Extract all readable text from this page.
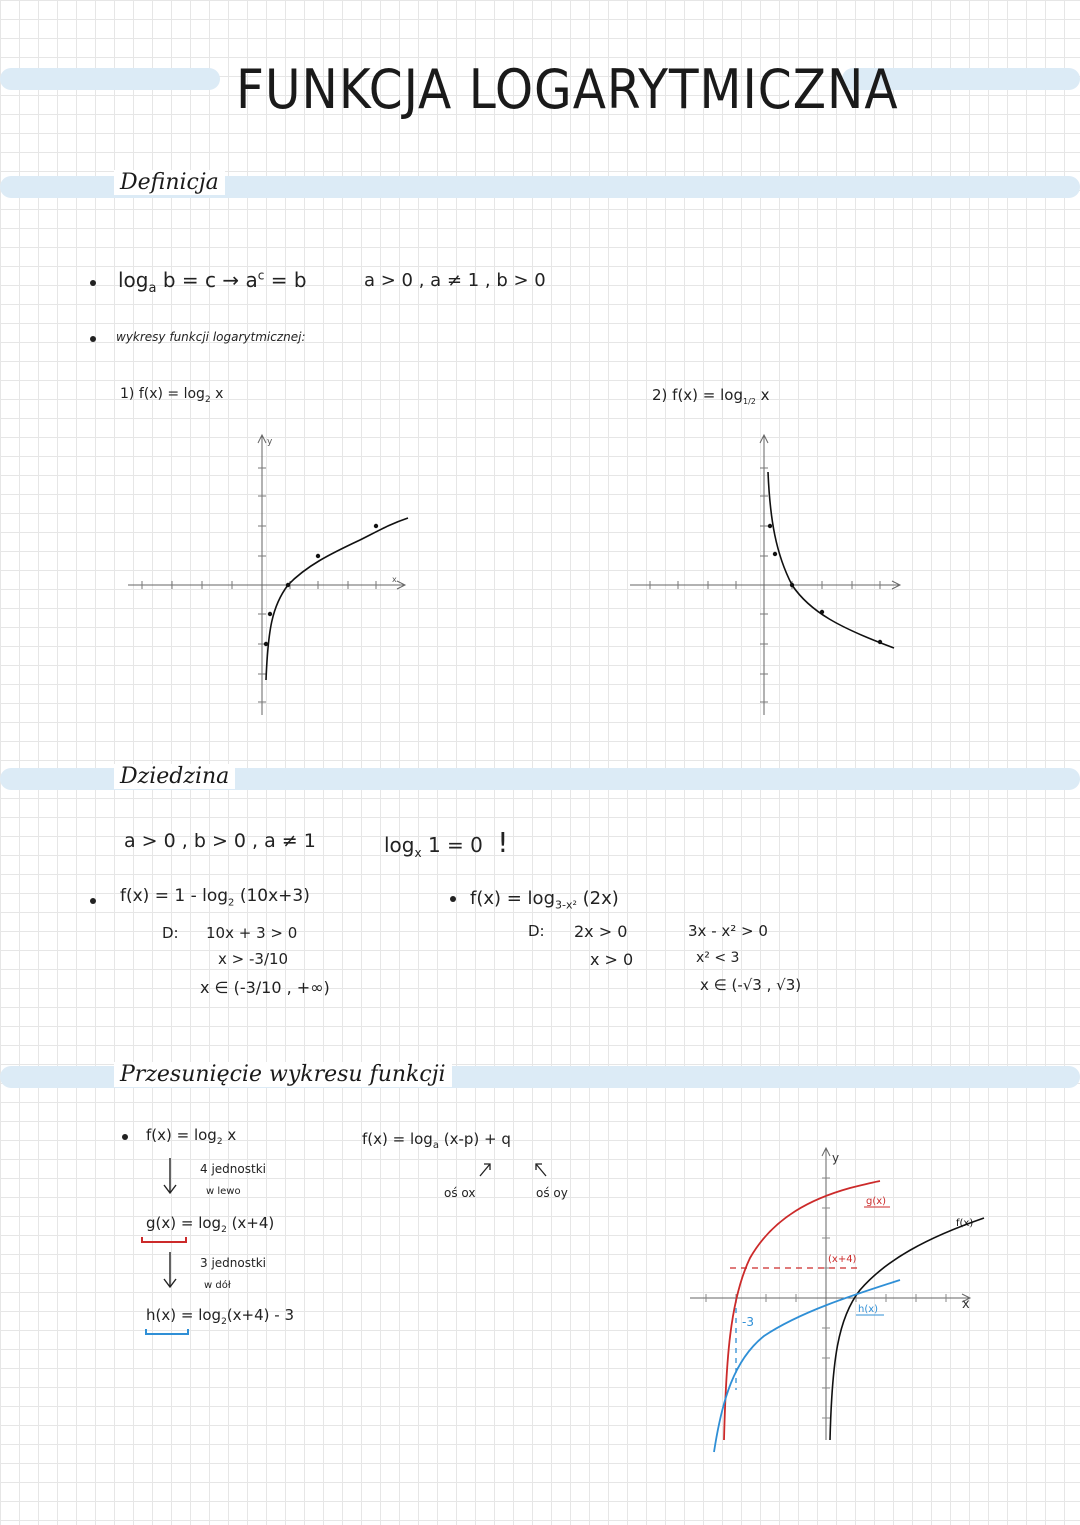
FUNKCJA LOGARYTMICZNA
Definicja
$\log_a b = c \to a^c = b$	a > 0 , a ≠ 1 , b > 0
wykresy funkcji logarytmicznej:
1) $f(x) = \log_2 x$	2) $f(x) = \log_{1/2} x$
y
x
Dziedzina
a > 0 , b > 0 , a ≠ 1	$\log_x 1 = 0$ !
$f(x) = 1 - \log_2 (10x+3)$
D: 10x + 3 > 0
x > -3/10
x ∈ (-3/10 , +∞)
$f(x) = \log_{3-x^2} (2x)$
D: 2x > 0
x > 0
3x - x² > 0
x² < 3
x ∈ (-√3 , √3)
Przesunięcie wykresu funkcji
$f(x) = \log_2 x$
4 jednostki
w lewo
$g(x) = \log_2 (x+4)$
3 jednostki
w dół
$h(x) = \log_2(x+4) - 3$
$f(x) = \log_a (x-p) + q$
oś ox	oś oy
y
x
g(x)
f(x)
h(x)
(x+4)
-3
